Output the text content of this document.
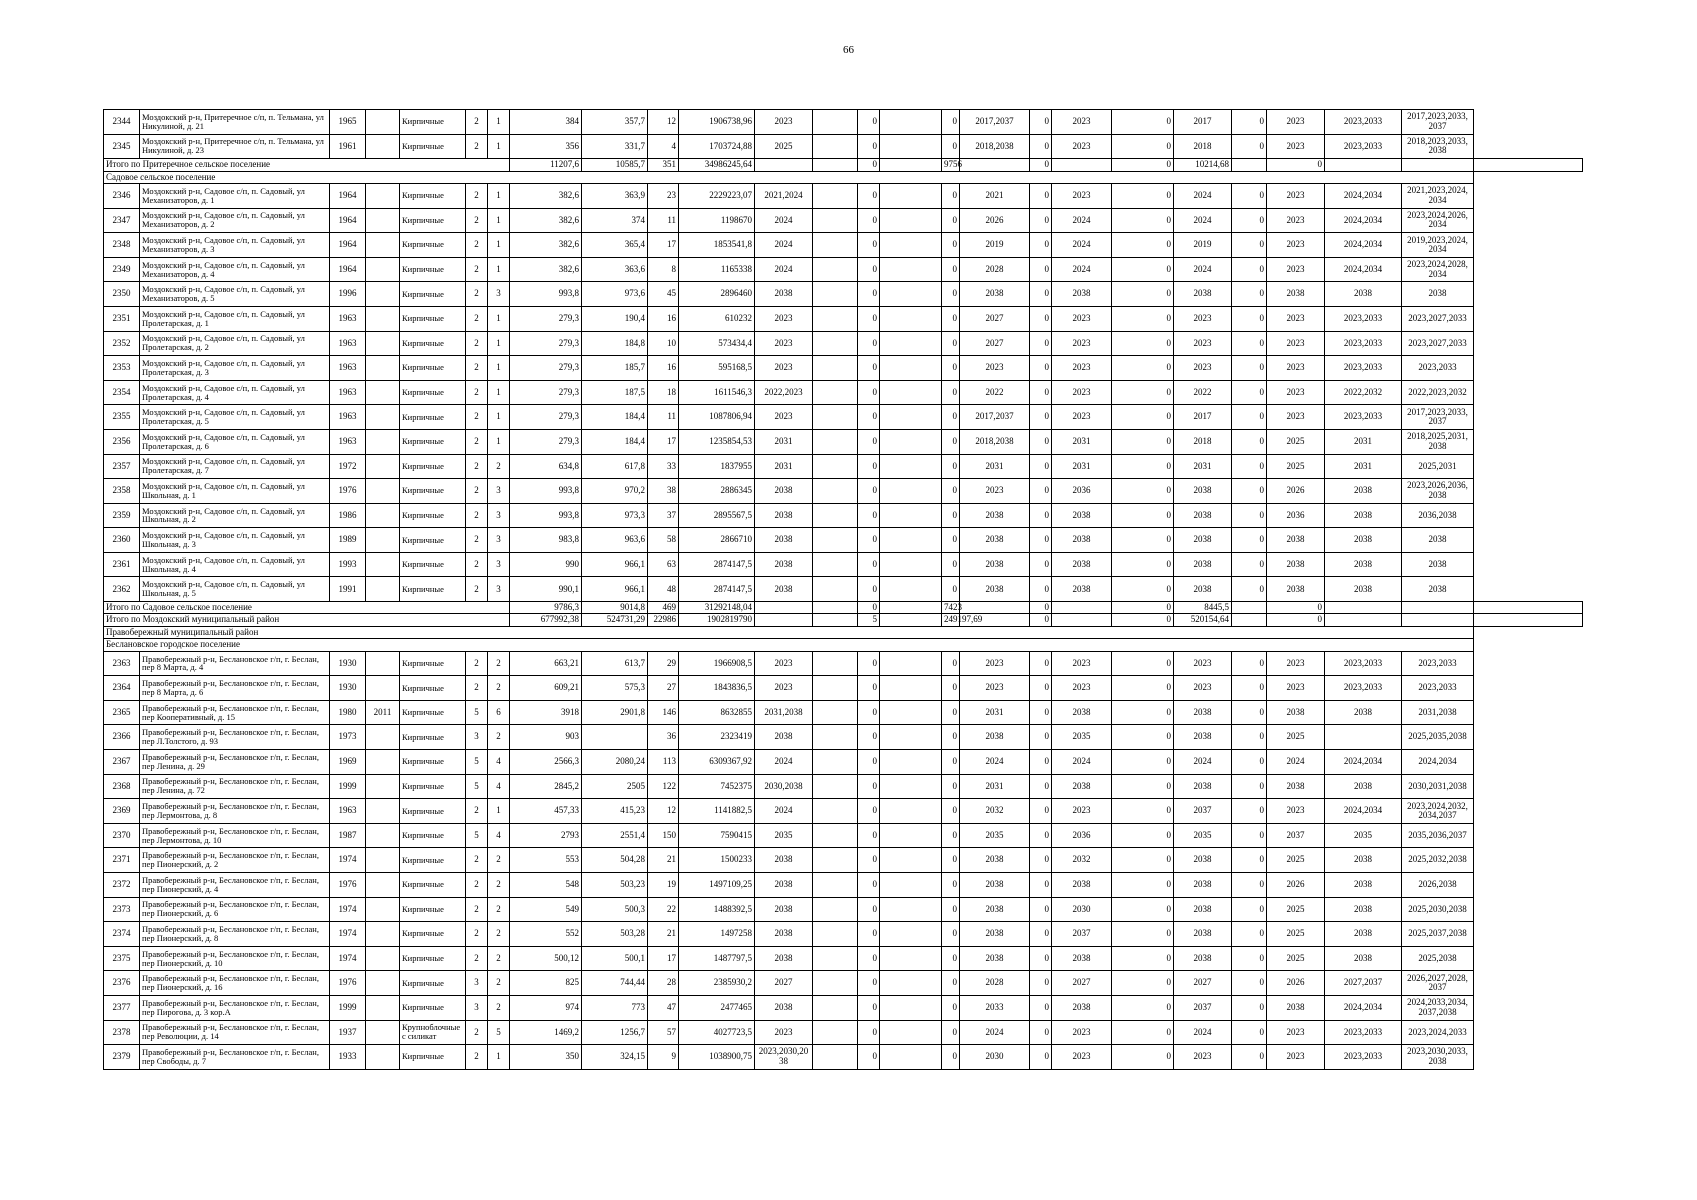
66
2344	Моздокский р-н, Притеречное с/п, п. Тельмана, ул Никулиной, д. 21	1965		Кирпичные	2	1	384	357,7	12	1906738,96	2023		0		0	2017,2037	0	2023	0	2017	0	2023	2023,2033	2017,2023,2033, 2037	
2345	Моздокский р-н, Притеречное с/п, п. Тельмана, ул Никулиной, д. 23	1961		Кирпичные	2	1	356	331,7	4	1703724,88	2025		0		0	2018,2038	0	2023	0	2018	0	2023	2023,2033	2018,2023,2033, 2038	
Итого по Притеречное сельское поселение							11207,6	10585,7	351	34986245,64			0		9756		0		0	10214,68		0			
Садовое сельское поселение																									
2346	Моздокский р-н, Садовое с/п, п. Садовый, ул Механизаторов, д. 1	1964		Кирпичные	2	1	382,6	363,9	23	2229223,07	2021,2024		0		0	2021	0	2023	0	2024	0	2023	2024,2034	2021,2023,2024, 2034	
2347	Моздокский р-н, Садовое с/п, п. Садовый, ул Механизаторов, д. 2	1964		Кирпичные	2	1	382,6	374	11	1198670	2024		0		0	2026	0	2024	0	2024	0	2023	2024,2034	2023,2024,2026, 2034	
2348	Моздокский р-н, Садовое с/п, п. Садовый, ул Механизаторов, д. 3	1964		Кирпичные	2	1	382,6	365,4	17	1853541,8	2024		0		0	2019	0	2024	0	2019	0	2023	2024,2034	2019,2023,2024, 2034	
2349	Моздокский р-н, Садовое с/п, п. Садовый, ул Механизаторов, д. 4	1964		Кирпичные	2	1	382,6	363,6	8	1165338	2024		0		0	2028	0	2024	0	2024	0	2023	2024,2034	2023,2024,2028, 2034	
2350	Моздокский р-н, Садовое с/п, п. Садовый, ул Механизаторов, д. 5	1996		Кирпичные	2	3	993,8	973,6	45	2896460	2038		0		0	2038	0	2038	0	2038	0	2038	2038	2038	
2351	Моздокский р-н, Садовое с/п, п. Садовый, ул Пролетарская, д. 1	1963		Кирпичные	2	1	279,3	190,4	16	610232	2023		0		0	2027	0	2023	0	2023	0	2023	2023,2033	2023,2027,2033	
2352	Моздокский р-н, Садовое с/п, п. Садовый, ул Пролетарская, д. 2	1963		Кирпичные	2	1	279,3	184,8	10	573434,4	2023		0		0	2027	0	2023	0	2023	0	2023	2023,2033	2023,2027,2033	
2353	Моздокский р-н, Садовое с/п, п. Садовый, ул Пролетарская, д. 3	1963		Кирпичные	2	1	279,3	185,7	16	595168,5	2023		0		0	2023	0	2023	0	2023	0	2023	2023,2033	2023,2033	
2354	Моздокский р-н, Садовое с/п, п. Садовый, ул Пролетарская, д. 4	1963		Кирпичные	2	1	279,3	187,5	18	1611546,3	2022,2023		0		0	2022	0	2023	0	2022	0	2023	2022,2032	2022,2023,2032	
2355	Моздокский р-н, Садовое с/п, п. Садовый, ул Пролетарская, д. 5	1963		Кирпичные	2	1	279,3	184,4	11	1087806,94	2023		0		0	2017,2037	0	2023	0	2017	0	2023	2023,2033	2017,2023,2033, 2037	
2356	Моздокский р-н, Садовое с/п, п. Садовый, ул Пролетарская, д. 6	1963		Кирпичные	2	1	279,3	184,4	17	1235854,53	2031		0		0	2018,2038	0	2031	0	2018	0	2025	2031	2018,2025,2031, 2038	
2357	Моздокский р-н, Садовое с/п, п. Садовый, ул Пролетарская, д. 7	1972		Кирпичные	2	2	634,8	617,8	33	1837955	2031		0		0	2031	0	2031	0	2031	0	2025	2031	2025,2031	
2358	Моздокский р-н, Садовое с/п, п. Садовый, ул Школьная, д. 1	1976		Кирпичные	2	3	993,8	970,2	38	2886345	2038		0		0	2023	0	2036	0	2038	0	2026	2038	2023,2026,2036, 2038	
2359	Моздокский р-н, Садовое с/п, п. Садовый, ул Школьная, д. 2	1986		Кирпичные	2	3	993,8	973,3	37	2895567,5	2038		0		0	2038	0	2038	0	2038	0	2036	2038	2036,2038	
2360	Моздокский р-н, Садовое с/п, п. Садовый, ул Школьная, д. 3	1989		Кирпичные	2	3	983,8	963,6	58	2866710	2038		0		0	2038	0	2038	0	2038	0	2038	2038	2038	
2361	Моздокский р-н, Садовое с/п, п. Садовый, ул Школьная, д. 4	1993		Кирпичные	2	3	990	966,1	63	2874147,5	2038		0		0	2038	0	2038	0	2038	0	2038	2038	2038	
2362	Моздокский р-н, Садовое с/п, п. Садовый, ул Школьная, д. 5	1991		Кирпичные	2	3	990,1	966,1	48	2874147,5	2038		0		0	2038	0	2038	0	2038	0	2038	2038	2038	
Итого по Садовое сельское поселение							9786,3	9014,8	469	31292148,04			0		7423		0		0	8445,5		0			
Итого по Моздокский муниципальный район							677992,38	524731,29	22986	1902819790			5		249197,69		0		0	520154,64		0			
Правобережный муниципальный район																									
Беслановское городское поселение																									
2363	Правобережный р-н, Беслановское г/п, г. Беслан, пер 8 Марта, д. 4	1930		Кирпичные	2	2	663,21	613,7	29	1966908,5	2023		0		0	2023	0	2023	0	2023	0	2023	2023,2033	2023,2033	
2364	Правобережный р-н, Беслановское г/п, г. Беслан, пер 8 Марта, д. 6	1930		Кирпичные	2	2	609,21	575,3	27	1843836,5	2023		0		0	2023	0	2023	0	2023	0	2023	2023,2033	2023,2033	
2365	Правобережный р-н, Беслановское г/п, г. Беслан, пер Кооперативный, д. 15	1980	2011	Кирпичные	5	6	3918	2901,8	146	8632855	2031,2038		0		0	2031	0	2038	0	2038	0	2038	2038	2031,2038	
2366	Правобережный р-н, Беслановское г/п, г. Беслан, пер Л.Толстого, д. 93	1973		Кирпичные	3	2	903		36	2323419	2038		0		0	2038	0	2035	0	2038	0	2025		2025,2035,2038	
2367	Правобережный р-н, Беслановское г/п, г. Беслан, пер Ленина, д. 29	1969		Кирпичные	5	4	2566,3	2080,24	113	6309367,92	2024		0		0	2024	0	2024	0	2024	0	2024	2024,2034	2024,2034	
2368	Правобережный р-н, Беслановское г/п, г. Беслан, пер Ленина, д. 72	1999		Кирпичные	5	4	2845,2	2505	122	7452375	2030,2038		0		0	2031	0	2038	0	2038	0	2038	2038	2030,2031,2038	
2369	Правобережный р-н, Беслановское г/п, г. Беслан, пер Лермонтова, д. 8	1963		Кирпичные	2	1	457,33	415,23	12	1141882,5	2024		0		0	2032	0	2023	0	2037	0	2023	2024,2034	2023,2024,2032, 2034,2037	
2370	Правобережный р-н, Беслановское г/п, г. Беслан, пер Лермонтова, д. 10	1987		Кирпичные	5	4	2793	2551,4	150	7590415	2035		0		0	2035	0	2036	0	2035	0	2037	2035	2035,2036,2037	
2371	Правобережный р-н, Беслановское г/п, г. Беслан, пер Пионерский, д. 2	1974		Кирпичные	2	2	553	504,28	21	1500233	2038		0		0	2038	0	2032	0	2038	0	2025	2038	2025,2032,2038	
2372	Правобережный р-н, Беслановское г/п, г. Беслан, пер Пионерский, д. 4	1976		Кирпичные	2	2	548	503,23	19	1497109,25	2038		0		0	2038	0	2038	0	2038	0	2026	2038	2026,2038	
2373	Правобережный р-н, Беслановское г/п, г. Беслан, пер Пионерский, д. 6	1974		Кирпичные	2	2	549	500,3	22	1488392,5	2038		0		0	2038	0	2030	0	2038	0	2025	2038	2025,2030,2038	
2374	Правобережный р-н, Беслановское г/п, г. Беслан, пер Пионерский, д. 8	1974		Кирпичные	2	2	552	503,28	21	1497258	2038		0		0	2038	0	2037	0	2038	0	2025	2038	2025,2037,2038	
2375	Правобережный р-н, Беслановское г/п, г. Беслан, пер Пионерский, д. 10	1974		Кирпичные	2	2	500,12	500,1	17	1487797,5	2038		0		0	2038	0	2038	0	2038	0	2025	2038	2025,2038	
2376	Правобережный р-н, Беслановское г/п, г. Беслан, пер Пионерский, д. 16	1976		Кирпичные	3	2	825	744,44	28	2385930,2	2027		0		0	2028	0	2027	0	2027	0	2026	2027,2037	2026,2027,2028, 2037	
2377	Правобережный р-н, Беслановское г/п, г. Беслан, пер Пирогова, д. 3 кор.А	1999		Кирпичные	3	2	974	773	47	2477465	2038		0		0	2033	0	2038	0	2037	0	2038	2024,2034	2024,2033,2034, 2037,2038	
2378	Правобережный р-н, Беслановское г/п, г. Беслан, пер Революции, д. 14	1937		Крупноблочные с силикат	2	5	1469,2	1256,7	57	4027723,5	2023		0		0	2024	0	2023	0	2024	0	2023	2023,2033	2023,2024,2033	
2379	Правобережный р-н, Беслановское г/п, г. Беслан, пер Свободы, д. 7	1933		Кирпичные	2	1	350	324,15	9	1038900,75	2023,2030,20 38		0		0	2030	0	2023	0	2023	0	2023	2023,2033	2023,2030,2033, 2038	
